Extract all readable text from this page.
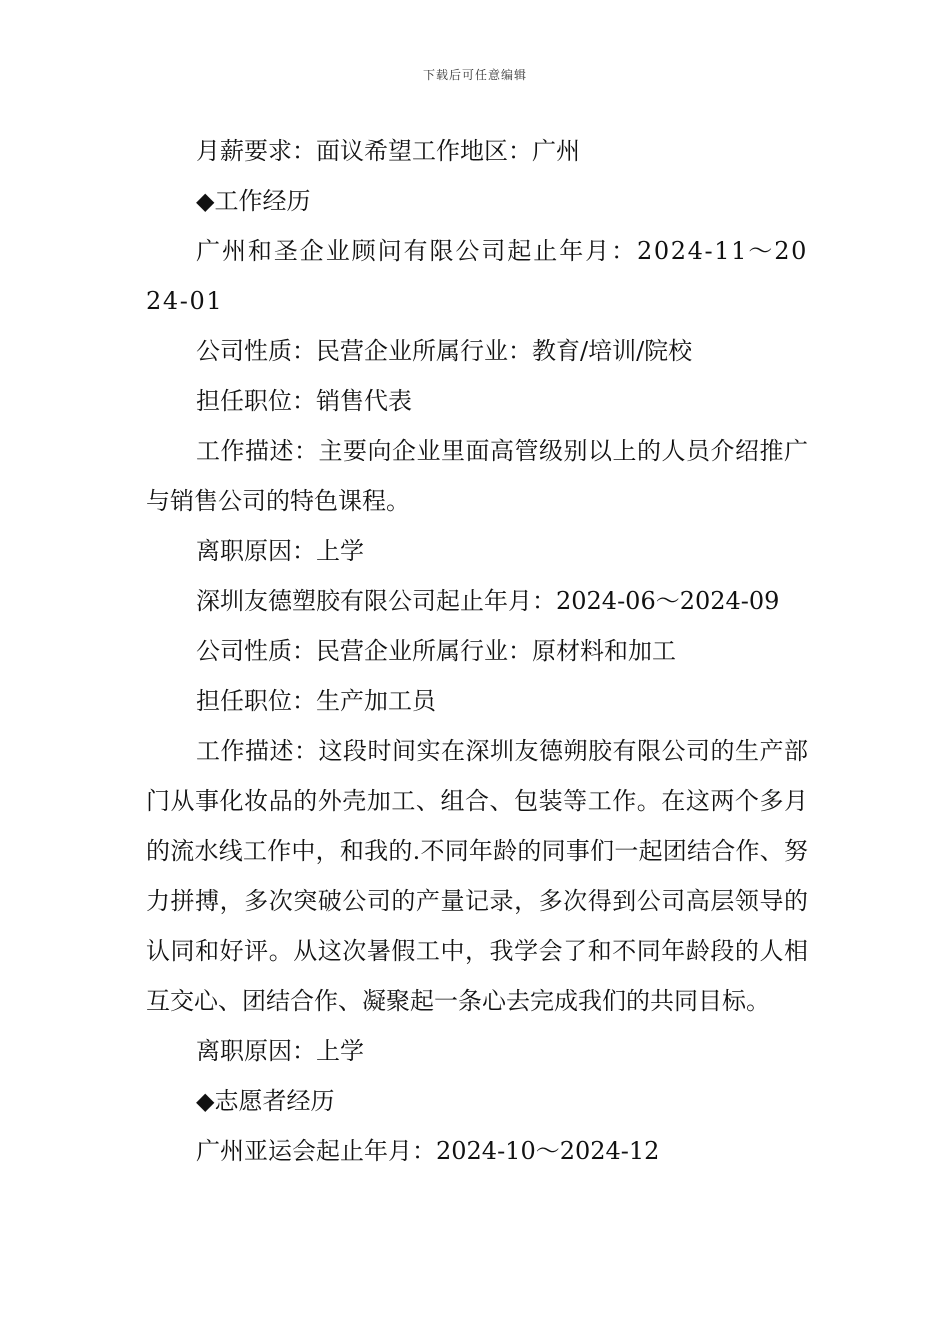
下载后可任意编辑

月薪要求：面议希望工作地区：广州

◆工作经历

广州和圣企业顾问有限公司起止年月：2024-11～2024-01

公司性质：民营企业所属行业：教育/培训/院校

担任职位：销售代表

工作描述：主要向企业里面高管级别以上的人员介绍推广与销售公司的特色课程。

离职原因：上学

深圳友德塑胶有限公司起止年月：2024-06～2024-09

公司性质：民营企业所属行业：原材料和加工

担任职位：生产加工员

工作描述：这段时间实在深圳友德朔胶有限公司的生产部门从事化妆品的外壳加工、组合、包装等工作。在这两个多月的流水线工作中，和我的.不同年龄的同事们一起团结合作、努力拼搏，多次突破公司的产量记录，多次得到公司高层领导的认同和好评。从这次暑假工中，我学会了和不同年龄段的人相互交心、团结合作、凝聚起一条心去完成我们的共同目标。

离职原因：上学

◆志愿者经历

广州亚运会起止年月：2024-10～2024-12
